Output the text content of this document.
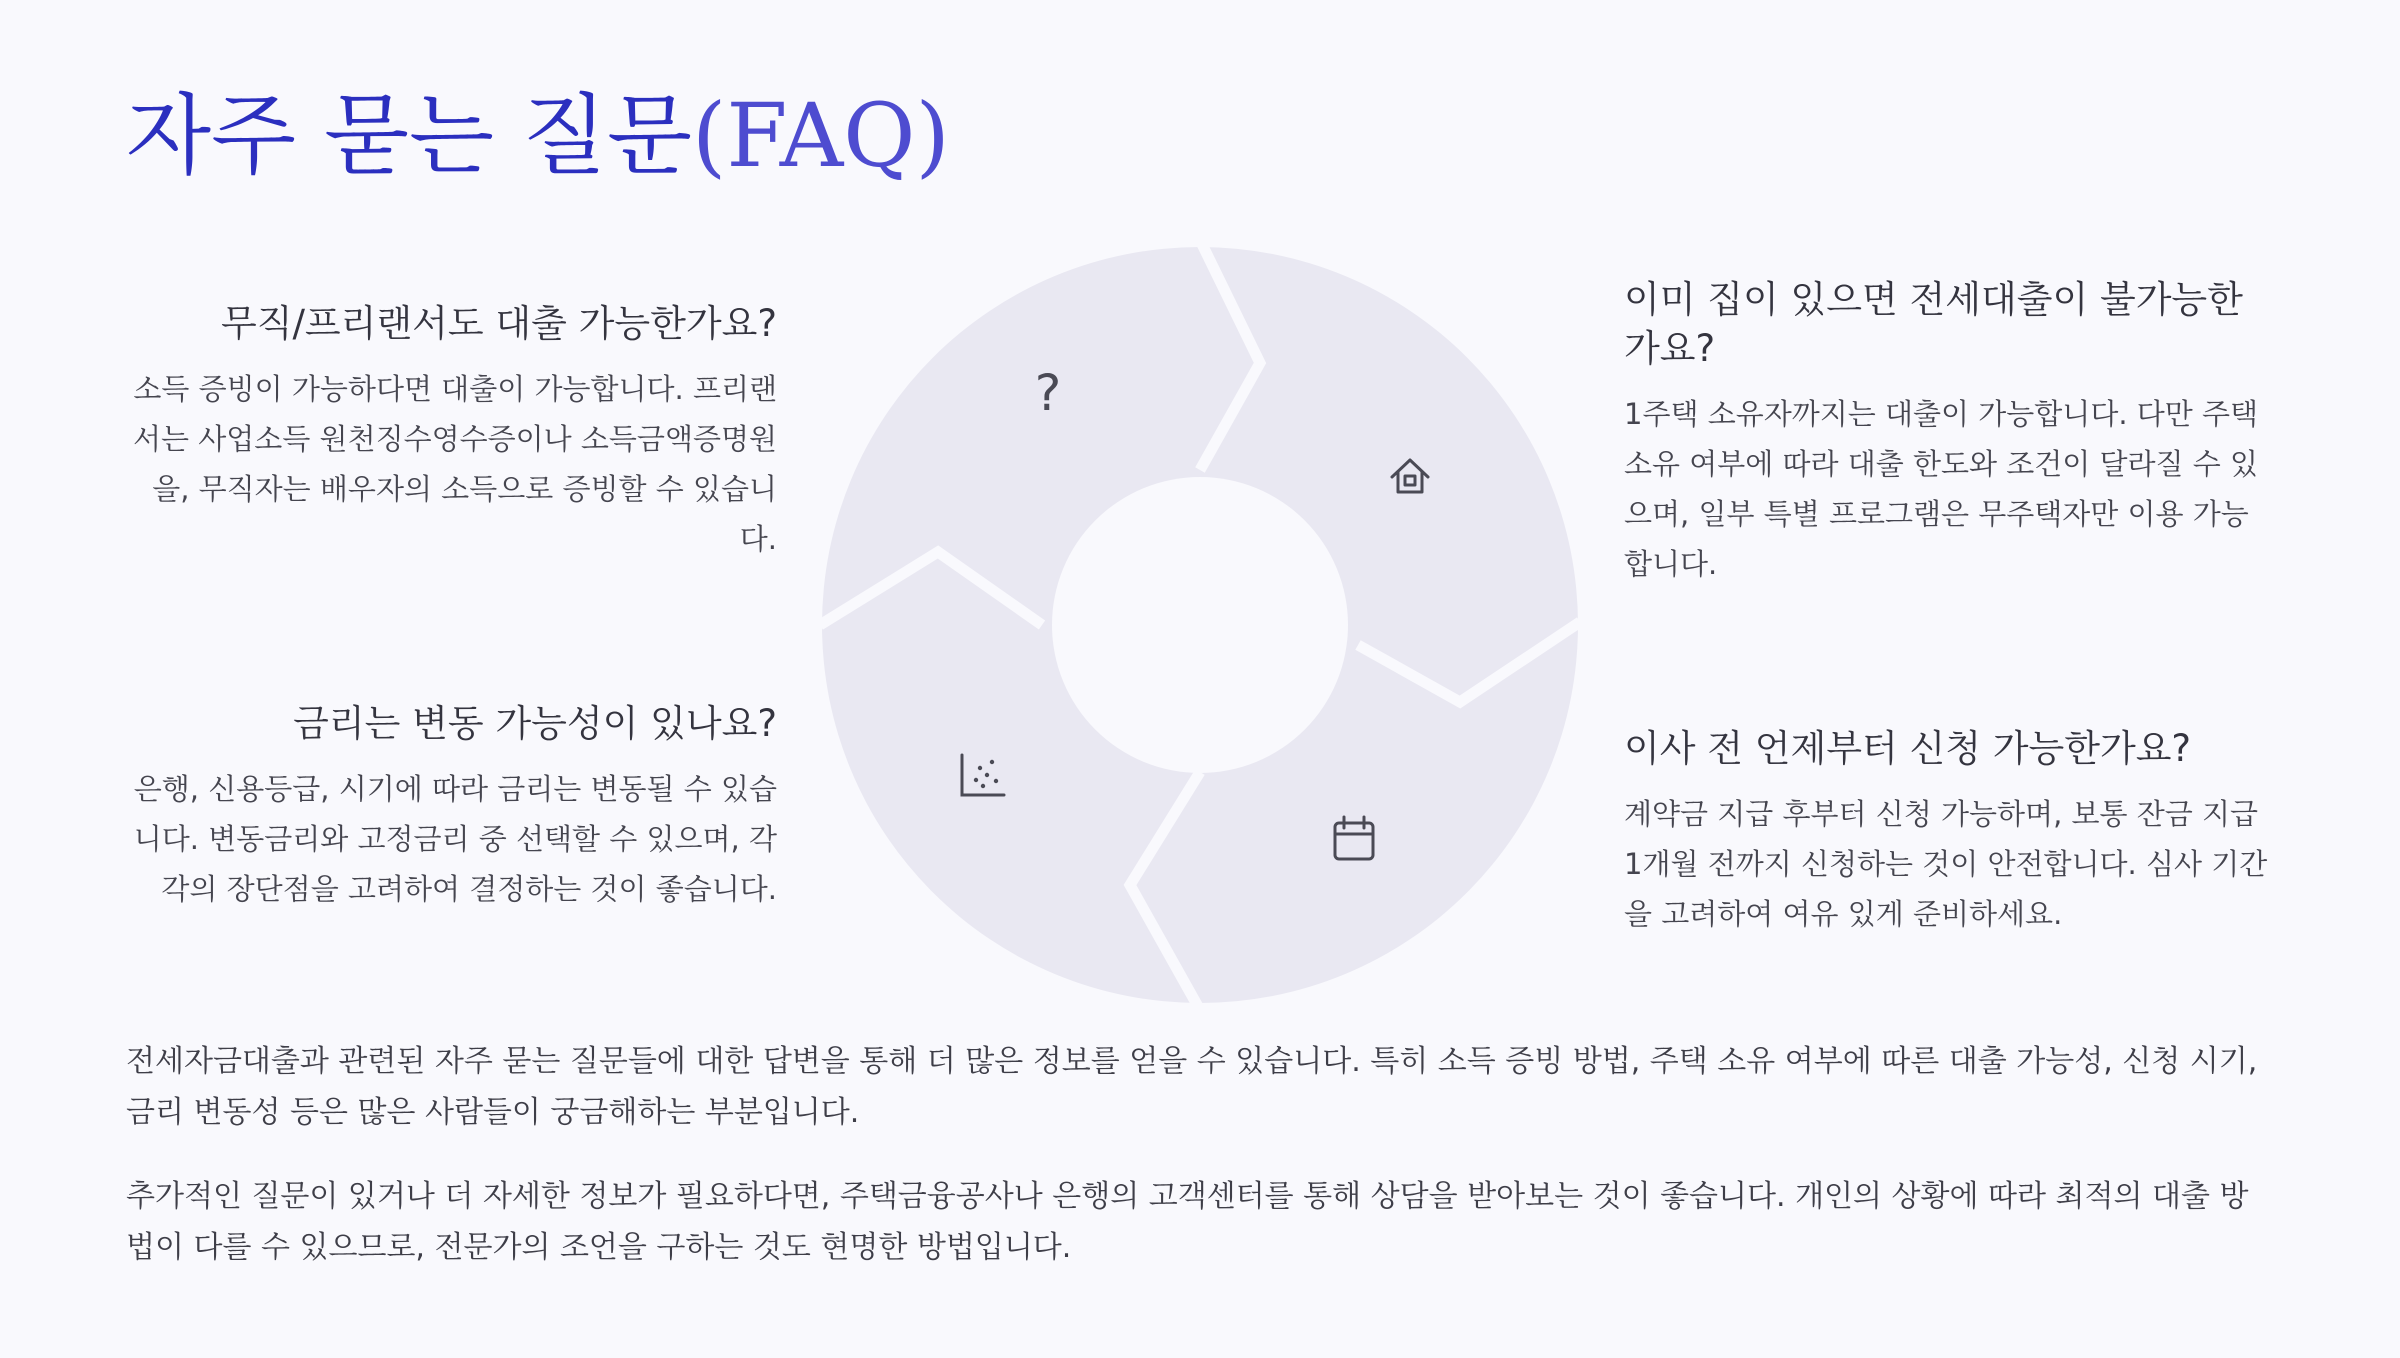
자주 묻는 질문(FAQ)
무직/프리랜서도 대출 가능한가요?

소득 증빙이 가능하다면 대출이 가능합니다. 프리랜서는 사업소득 원천징수영수증이나 소득금액증명원을, 무직자는 배우자의 소득으로 증빙할 수 있습니다.

이미 집이 있으면 전세대출이 불가능한가요?

1주택 소유자까지는 대출이 가능합니다. 다만 주택 소유 여부에 따라 대출 한도와 조건이 달라질 수 있으며, 일부 특별 프로그램은 무주택자만 이용 가능합니다.

금리는 변동 가능성이 있나요?

은행, 신용등급, 시기에 따라 금리는 변동될 수 있습니다. 변동금리와 고정금리 중 선택할 수 있으며, 각각의 장단점을 고려하여 결정하는 것이 좋습니다.

이사 전 언제부터 신청 가능한가요?

계약금 지급 후부터 신청 가능하며, 보통 잔금 지급 1개월 전까지 신청하는 것이 안전합니다. 심사 기간을 고려하여 여유 있게 준비하세요.

?

전세자금대출과 관련된 자주 묻는 질문들에 대한 답변을 통해 더 많은 정보를 얻을 수 있습니다. 특히 소득 증빙 방법, 주택 소유 여부에 따른 대출 가능성, 신청 시기, 금리 변동성 등은 많은 사람들이 궁금해하는 부분입니다.

추가적인 질문이 있거나 더 자세한 정보가 필요하다면, 주택금융공사나 은행의 고객센터를 통해 상담을 받아보는 것이 좋습니다. 개인의 상황에 따라 최적의 대출 방법이 다를 수 있으므로, 전문가의 조언을 구하는 것도 현명한 방법입니다.
